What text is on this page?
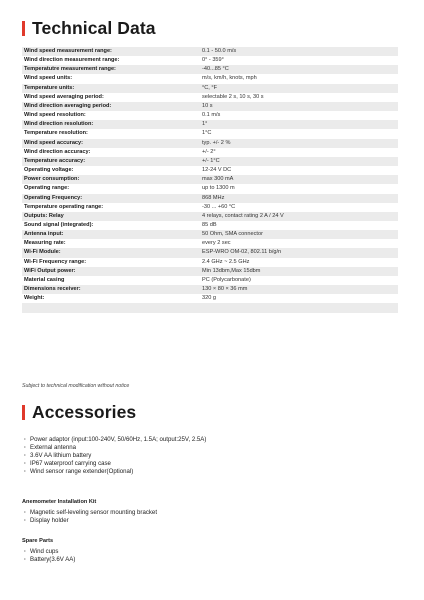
Technical Data
Wind speed measurement range:	0.1 - 50.0 m/s
Wind direction measurement range:	0° - 359°
Temperatutre measurement range:	-40...85 °C
Wind speed units:	m/s, km/h, knots, mph
Temperature units:	°C, °F
Wind speed averaging period:	selectable 2 s, 10 s, 30 s
Wind direction averaging period:	10 s
Wind speed resolution:	0.1 m/s
Wind direction resolution:	1°
Temperature resolution:	1°C
Wind speed accuracy:	typ. +/- 2 %
Wind direction accuracy:	+/- 2°
Temperature accuracy:	+/- 1°C
Operating voltage:	12-24 V DC
Power consumption:	max 300 mA
Operating range:	up to 1300 m
Operating Frequency:	868 MHz
Temperature operating range:	-30 ... +60 °C
Outputs: Relay	4 relays, contact rating 2 A / 24 V
Sound signal (integrated):	85 dB
Antenna input:	50 Ohm, SMA connector
Measuring rate:	every 2 sec
Wi-Fi Module:	ESP-WRO OM-02, 802.11 b/g/n
Wi-Fi Frequency range:	2.4 GHz ~ 2.5 GHz
WiFi Output power:	Min 13dbm,Max 15dbm
Material casing	PC (Polycarbonate)
Dimensions receiver:	130 × 80 × 36 mm
Weight:	320 g

Subject to technical modification without notice
Accessories
· Power adaptor (input:100-240V, 50/60Hz, 1.5A; output:25V, 2.5A)
· External antenna
· 3.6V AA lithium battery
· IP67 waterproof carrying case
· Wind sensor range extender(Optional)
Anemometer Installation Kit
· Magnetic self-leveling sensor mounting bracket
· Display holder
Spare Parts
· Wind cups
· Battery(3.6V AA)
